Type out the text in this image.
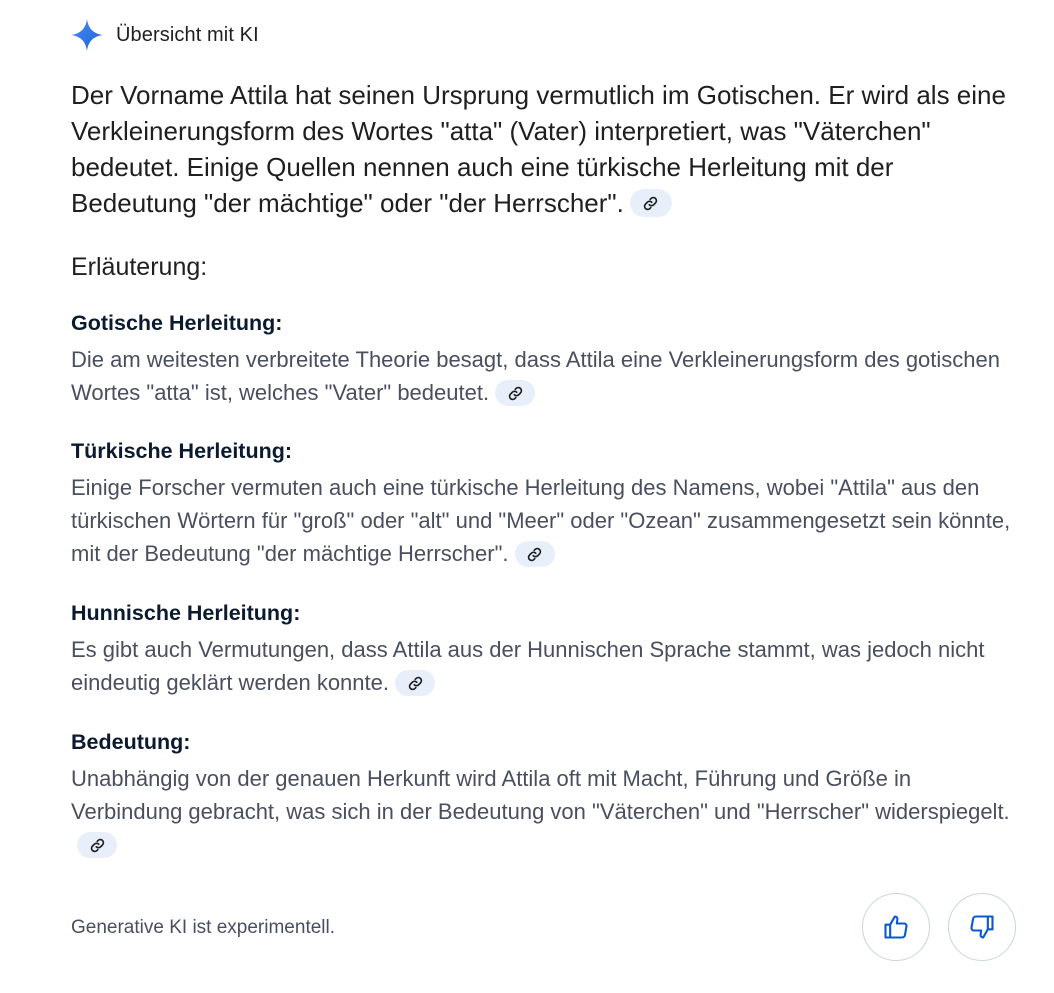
Übersicht mit KI
Der Vorname Attila hat seinen Ursprung vermutlich im Gotischen. Er wird als eine Verkleinerungsform des Wortes "atta" (Vater) interpretiert, was "Väterchen" bedeutet. Einige Quellen nennen auch eine türkische Herleitung mit der Bedeutung "der mächtige" oder "der Herrscher".
Erläuterung:
Gotische Herleitung:

Die am weitesten verbreitete Theorie besagt, dass Attila eine Verkleinerungsform des gotischen Wortes "atta" ist, welches "Vater" bedeutet.

Türkische Herleitung:

Einige Forscher vermuten auch eine türkische Herleitung des Namens, wobei "Attila" aus den türkischen Wörtern für "groß" oder "alt" und "Meer" oder "Ozean" zusammengesetzt sein könnte, mit der Bedeutung "der mächtige Herrscher".

Hunnische Herleitung:

Es gibt auch Vermutungen, dass Attila aus der Hunnischen Sprache stammt, was jedoch nicht eindeutig geklärt werden konnte.

Bedeutung:

Unabhängig von der genauen Herkunft wird Attila oft mit Macht, Führung und Größe in Verbindung gebracht, was sich in der Bedeutung von "Väterchen" und "Herrscher" widerspiegelt.

Generative KI ist experimentell.
